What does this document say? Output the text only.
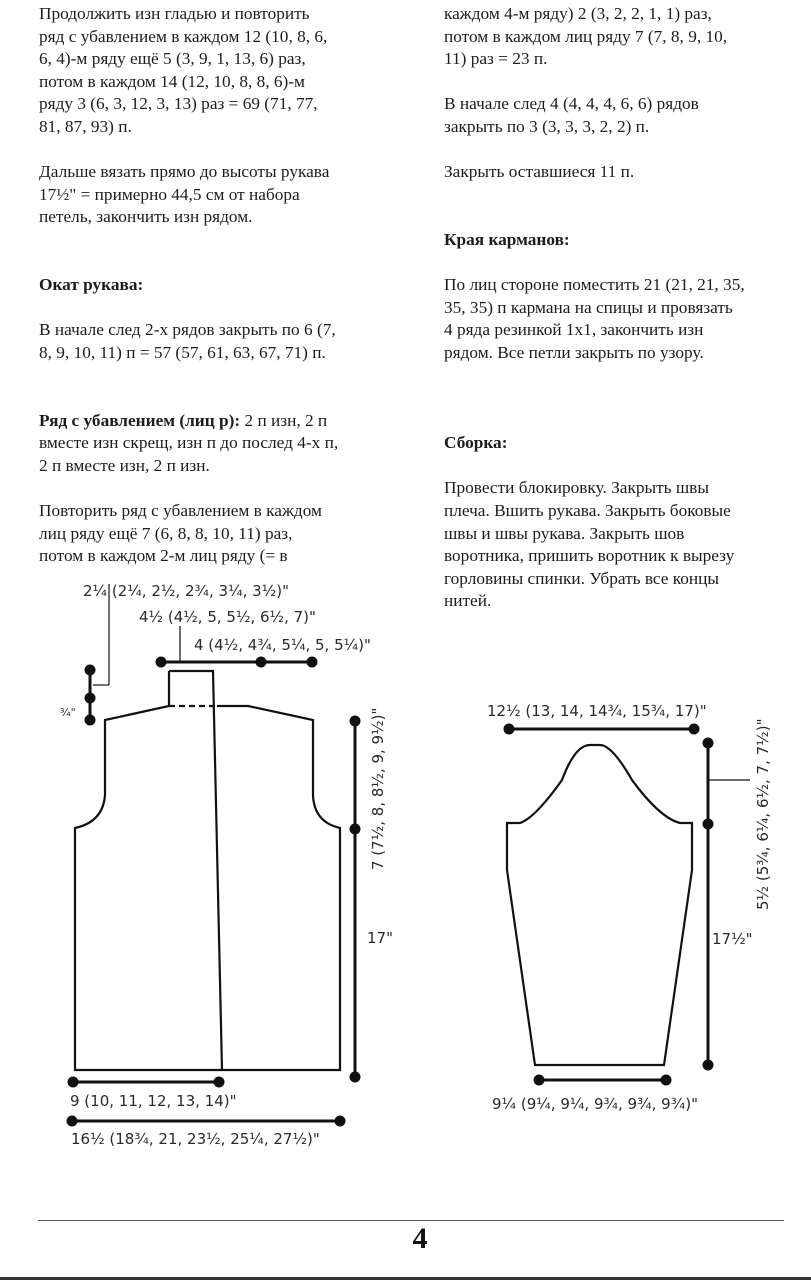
Продолжить изн гладью и повторить
ряд с убавлением в каждом 12 (10, 8, 6,
6, 4)-м ряду ещё 5 (3, 9, 1, 13, 6) раз,
потом в каждом 14 (12, 10, 8, 8, 6)-м
ряду 3 (6, 3, 12, 3, 13) раз = 69 (71, 77,
81, 87, 93) п.

Дальше вязать прямо до высоты рукава
17½" = примерно 44,5 см от набора
петель, закончить изн рядом.

Окат рукава:

В начале след 2-х рядов закрыть по 6 (7,
8, 9, 10, 11) п = 57 (57, 61, 63, 67, 71) п.

Ряд с убавлением (лиц р): 2 п изн, 2 п
вместе изн скрещ, изн п до послед 4-х п,
2 п вместе изн, 2 п изн.

Повторить ряд с убавлением в каждом
лиц ряду ещё 7 (6, 8, 8, 10, 11) раз,
потом в каждом 2-м лиц ряду (= в

каждом 4-м ряду) 2 (3, 2, 2, 1, 1) раз,
потом в каждом лиц ряду 7 (7, 8, 9, 10,
11) раз = 23 п.

В начале след 4 (4, 4, 4, 6, 6) рядов
закрыть по 3 (3, 3, 3, 2, 2) п.

Закрыть оставшиеся 11 п.

Края карманов:

По лиц стороне поместить 21 (21, 21, 35,
35, 35) п кармана на спицы и провязать
4 ряда резинкой 1х1, закончить изн
рядом. Все петли закрыть по узору.

Сборка:

Провести блокировку. Закрыть швы
плеча. Вшить рукава. Закрыть боковые
швы и швы рукава. Закрыть шов
воротника, пришить воротник к вырезу
горловины спинки. Убрать все концы
нитей.

2¼ (2¼, 2½, 2¾, 3¼, 3½)"
4½ (4½, 5, 5½, 6½, 7)"
4 (4½, 4¾, 5¼, 5, 5¼)"
¾"	7 (7½, 8, 8½, 9, 9½)"
17"
9 (10, 11, 12, 13, 14)"
16½ (18¾, 21, 23½, 25¼, 27½)"
12½ (13, 14, 14¾, 15¾, 17)"
5½ (5¾, 6¼, 6½, 7, 7½)"
17½"
9¼ (9¼, 9¼, 9¾, 9¾, 9¾)"
4
